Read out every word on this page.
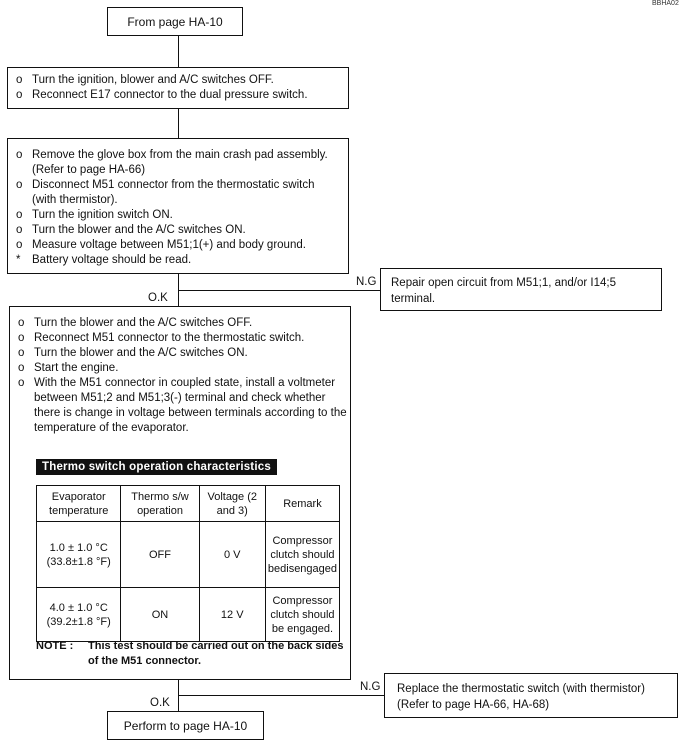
BBHA02
From page HA-10
o Turn the ignition, blower and A/C switches OFF.
o Reconnect E17 connector to the dual pressure switch.
o Remove the glove box from the main crash pad assembly. (Refer to page HA-66)
o Disconnect M51 connector from the thermostatic switch (with thermistor).
o Turn the ignition switch ON.
o Turn the blower and the A/C switches ON.
o Measure voltage between M51;1(+) and body ground.
* Battery voltage should be read.
N.G
O.K
Repair open circuit from M51;1, and/or I14;5 terminal.
o Turn the blower and the A/C switches OFF.
o Reconnect M51 connector to the thermostatic switch.
o Turn the blower and the A/C switches ON.
o Start the engine.
o With the M51 connector in coupled state, install a voltmeter between M51;2 and M51;3(-) terminal and check whether there is change in voltage between terminals according to the temperature of the evaporator.
Thermo switch operation characteristics
Evaporator temperature	Thermo s/w operation	Voltage (2 and 3)	Remark
1.0 ± 1.0 °C (33.8±1.8 °F)	OFF	0 V	Compressor clutch should bedisengaged
4.0 ± 1.0 °C (39.2±1.8 °F)	ON	12 V	Compressor clutch should be engaged.
NOTE :	This test should be carried out on the back sides of the M51 connector.
N.G
O.K
Replace the thermostatic switch (with thermistor) (Refer to page HA-66, HA-68)
Perform to page HA-10
